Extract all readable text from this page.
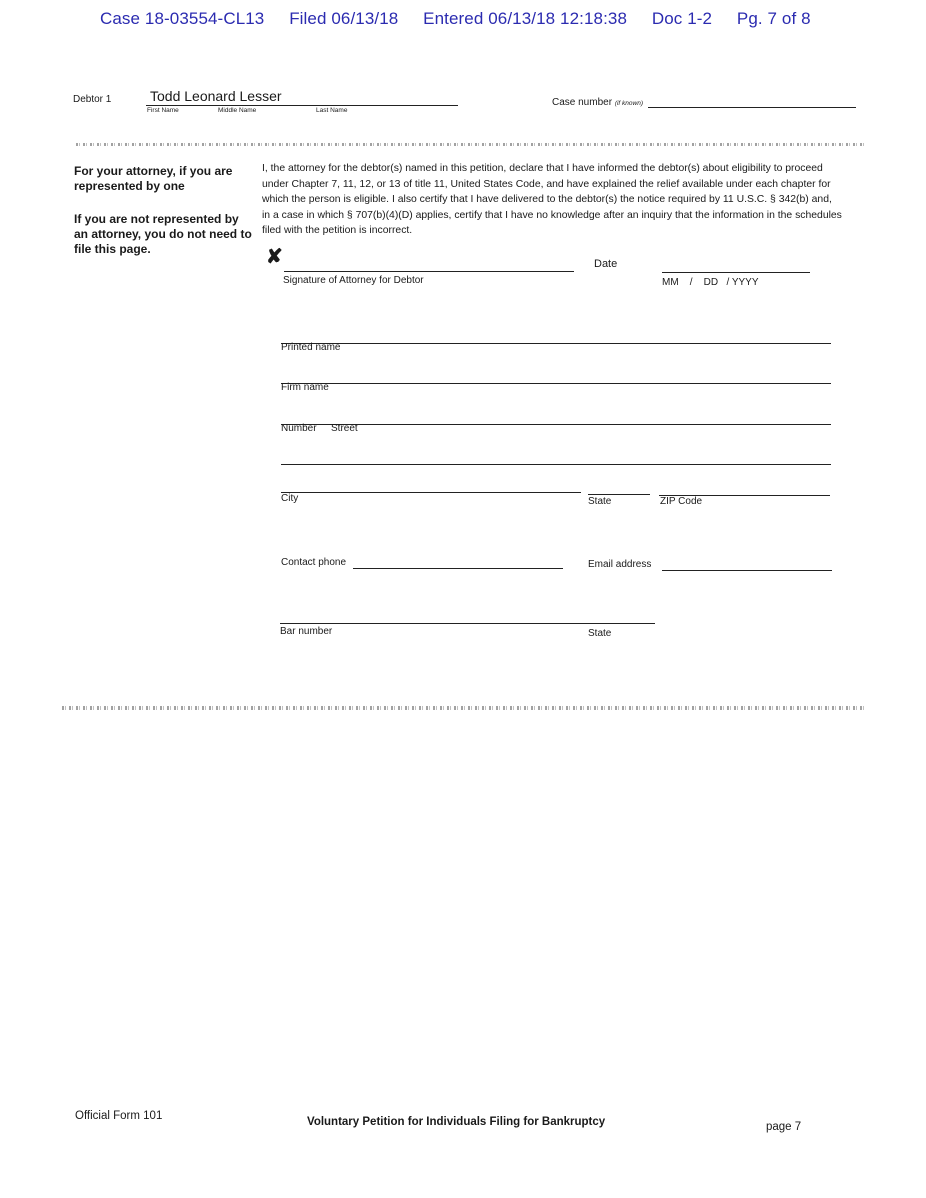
Case 18-03554-CL13 Filed 06/13/18 Entered 06/13/18 12:18:38 Doc 1-2 Pg. 7 of 8
Debtor 1	Todd Leonard Lesser
First Name	Middle Name	Last Name
Case number (if known)
For your attorney, if you are represented by one
If you are not represented by an attorney, you do not need to file this page.
I, the attorney for the debtor(s) named in this petition, declare that I have informed the debtor(s) about eligibility to proceed under Chapter 7, 11, 12, or 13 of title 11, United States Code, and have explained the relief available under each chapter for which the person is eligible. I also certify that I have delivered to the debtor(s) the notice required by 11 U.S.C. § 342(b) and, in a case in which § 707(b)(4)(D) applies, certify that I have no knowledge after an inquiry that the information in the schedules filed with the petition is incorrect.
✘
Signature of Attorney for Debtor
Date
MM    /    DD   / YYYY
Printed name
Firm name
Number Street
City	State	ZIP Code
Contact phone	Email address
Bar number	State
Official Form 101	Voluntary Petition for Individuals Filing for Bankruptcy	page 7
